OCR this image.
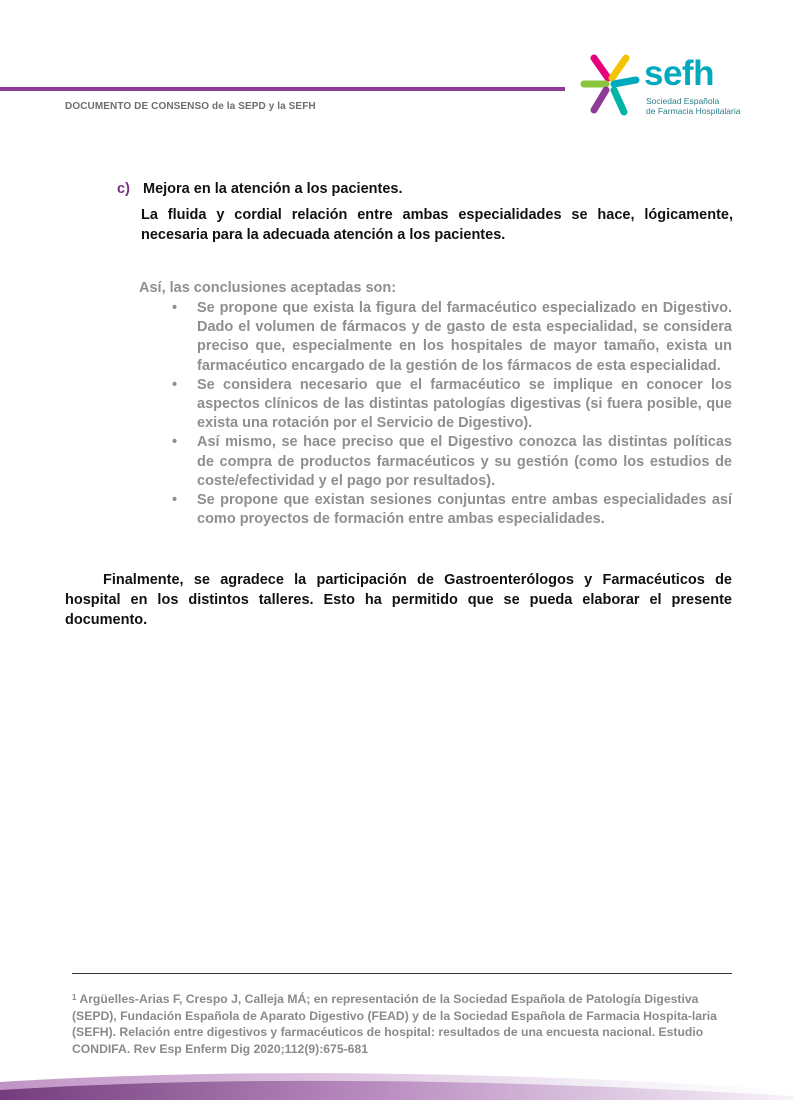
DOCUMENTO DE CONSENSO de la SEPD y la SEFH
sefh
Sociedad Española
de Farmacia Hospitalaria
c) Mejora en la atención a los pacientes.

La fluida y cordial relación entre ambas especialidades se hace, lógicamente, necesaria para la adecuada atención a los pacientes.

Así, las conclusiones aceptadas son:
• Se propone que exista la figura del farmacéutico especializado en Digestivo. Dado el volumen de fármacos y de gasto de esta especialidad, se considera preciso que, especialmente en los hospitales de mayor tamaño, exista un farmacéutico encargado de la gestión de los fármacos de esta especialidad.
• Se considera necesario que el farmacéutico se implique en conocer los aspectos clínicos de las distintas patologías digestivas (si fuera posible, que exista una rotación por el Servicio de Digestivo).
• Así mismo, se hace preciso que el Digestivo conozca las distintas políticas de compra de productos farmacéuticos y su gestión (como los estudios de coste/efectividad y el pago por resultados).
• Se propone que existan sesiones conjuntas entre ambas especialidades así como proyectos de formación entre ambas especialidades.

Finalmente, se agradece la participación de Gastroenterólogos y Farmacéuticos de hospital en los distintos talleres. Esto ha permitido que se pueda elaborar el presente documento.

$^1$ Argüelles-Arias F, Crespo J, Calleja MÁ; en representación de la Sociedad Española de Patología Digestiva (SEPD), Fundación Española de Aparato Digestivo (FEAD) y de la Sociedad Española de Farmacia Hospita-laria (SEFH). Relación entre digestivos y farmacéuticos de hospital: resultados de una encuesta nacional. Estudio CONDIFA. Rev Esp Enferm Dig 2020;112(9):675-681
